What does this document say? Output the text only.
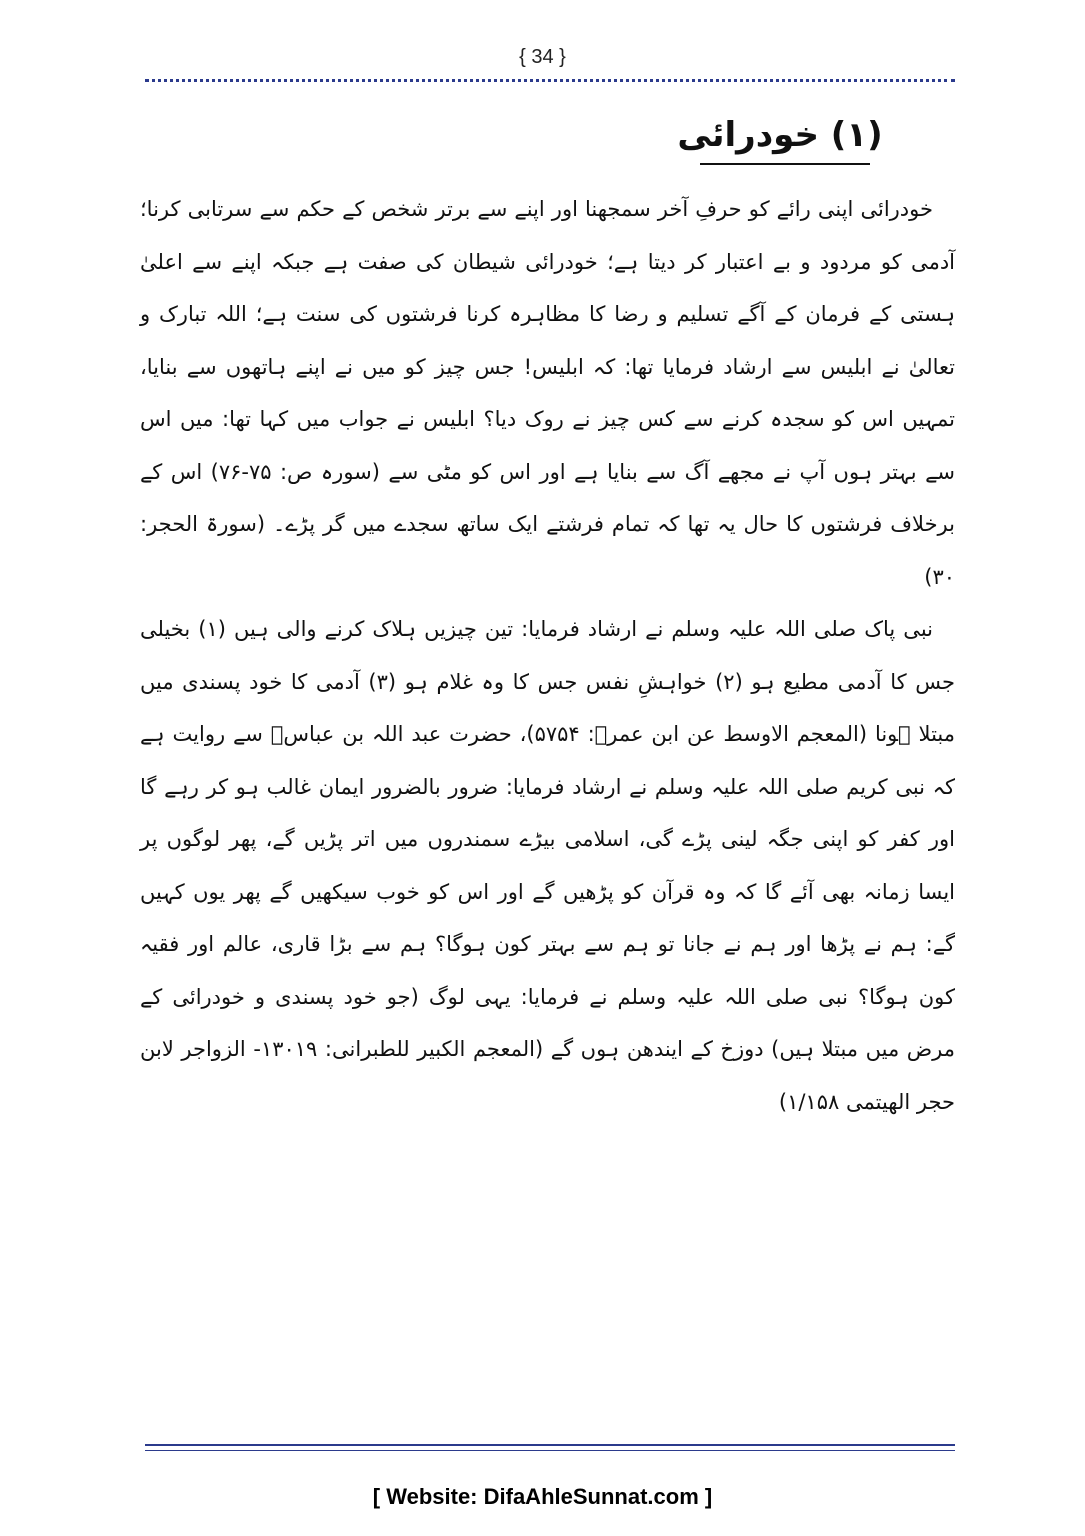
{ 34 }
(۱) خودرائی

خودرائی اپنی رائے کو حرفِ آخر سمجھنا اور اپنے سے برتر شخص کے حکم سے سرتابی کرنا؛ آدمی کو مردود و بے اعتبار کر دیتا ہے؛ خودرائی شیطان کی صفت ہے جبکہ اپنے سے اعلیٰ ہستی کے فرمان کے آگے تسلیم و رضا کا مظاہرہ کرنا فرشتوں کی سنت ہے؛ اللہ تبارک و تعالیٰ نے ابلیس سے ارشاد فرمایا تھا: کہ ابلیس! جس چیز کو میں نے اپنے ہاتھوں سے بنایا، تمہیں اس کو سجدہ کرنے سے کس چیز نے روک دیا؟ ابلیس نے جواب میں کہا تھا: میں اس سے بہتر ہوں آپ نے مجھے آگ سے بنایا ہے اور اس کو مٹی سے (سورہ ص: ۷۵-۷۶) اس کے برخلاف فرشتوں کا حال یہ تھا کہ تمام فرشتے ایک ساتھ سجدے میں گر پڑے۔ (سورۃ الحجر: ۳۰)

نبی پاک صلی اللہ علیہ وسلم نے ارشاد فرمایا: تین چیزیں ہلاک کرنے والی ہیں (۱) بخیلی جس کا آدمی مطیع ہو (۲) خواہشِ نفس جس کا وہ غلام ہو (۳) آدمی کا خود پسندی میں مبتلا ہونا (المعجم الاوسط عن ابن عمرؓ: ۵۷۵۴)، حضرت عبد اللہ بن عباسؓ سے روایت ہے کہ نبی کریم صلی اللہ علیہ وسلم نے ارشاد فرمایا: ضرور بالضرور ایمان غالب ہو کر رہے گا اور کفر کو اپنی جگہ لینی پڑے گی، اسلامی بیڑے سمندروں میں اتر پڑیں گے، پھر لوگوں پر ایسا زمانہ بھی آئے گا کہ وہ قرآن کو پڑھیں گے اور اس کو خوب سیکھیں گے پھر یوں کہیں گے: ہم نے پڑھا اور ہم نے جانا تو ہم سے بہتر کون ہوگا؟ ہم سے بڑا قاری، عالم اور فقیہ کون ہوگا؟ نبی صلی اللہ علیہ وسلم نے فرمایا: یہی لوگ (جو خود پسندی و خودرائی کے مرض میں مبتلا ہیں) دوزخ کے ایندھن ہوں گے (المعجم الکبیر للطبرانی: ۱۳۰۱۹- الزواجر لابن حجر الھیتمی ۱/۱۵۸)

[ Website: DifaAhleSunnat.com ]
